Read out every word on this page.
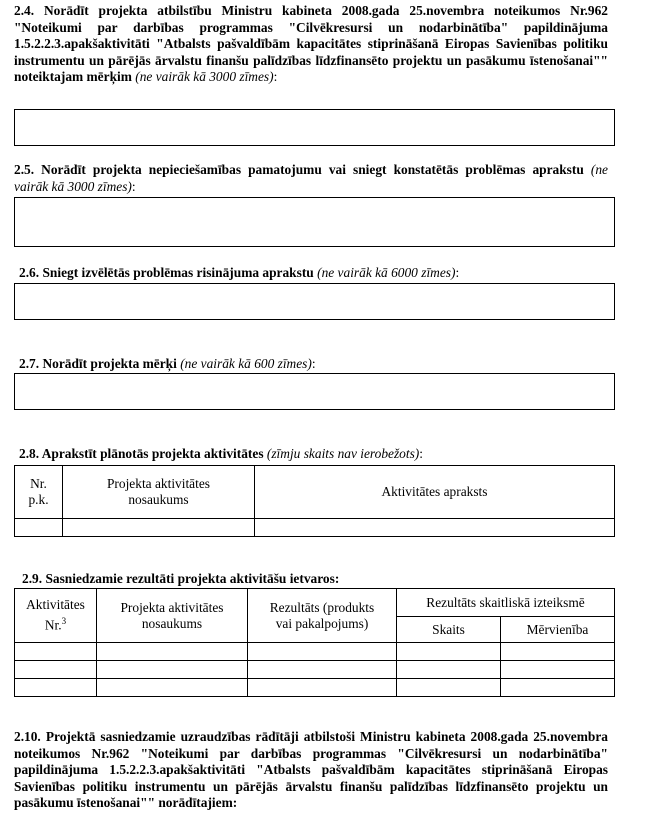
2.4. Norādīt projekta atbilstību Ministru kabineta 2008.gada 25.novembra noteikumos Nr.962 "Noteikumi par darbības programmas "Cilvēkresursi un nodarbinātība" papildinājuma 1.5.2.2.3.apakšaktivitāti "Atbalsts pašvaldībām kapacitātes stiprināšanā Eiropas Savienības politiku instrumentu un pārējās ārvalstu finanšu palīdzības līdzfinansēto projektu un pasākumu īstenošanai"" noteiktajam mērķim (ne vairāk kā 3000 zīmes):
2.5. Norādīt projekta nepieciešamības pamatojumu vai sniegt konstatētās problēmas aprakstu (ne vairāk kā 3000 zīmes):
2.6. Sniegt izvēlētās problēmas risinājuma aprakstu (ne vairāk kā 6000 zīmes):
2.7. Norādīt projekta mērķi (ne vairāk kā 600 zīmes):
2.8. Aprakstīt plānotās projekta aktivitātes (zīmju skaits nav ierobežots):
Nr. p.k.	Projekta aktivitātes nosaukums	Aktivitātes apraksts

2.9. Sasniedzamie rezultāti projekta aktivitāšu ietvaros:
Aktivitātes Nr.$^3$	Projekta aktivitātes nosaukums	Rezultāts (produkts vai pakalpojums)	Rezultāts skaitliskā izteiksmē	
			Skaits	Mērvienība

2.10. Projektā sasniedzamie uzraudzības rādītāji atbilstoši Ministru kabineta 2008.gada 25.novembra noteikumos Nr.962 "Noteikumi par darbības programmas "Cilvēkresursi un nodarbinātība" papildinājuma 1.5.2.2.3.apakšaktivitāti "Atbalsts pašvaldībām kapacitātes stiprināšanā Eiropas Savienības politiku instrumentu un pārējās ārvalstu finanšu palīdzības līdzfinansēto projektu un pasākumu īstenošanai"" norādītajiem:
